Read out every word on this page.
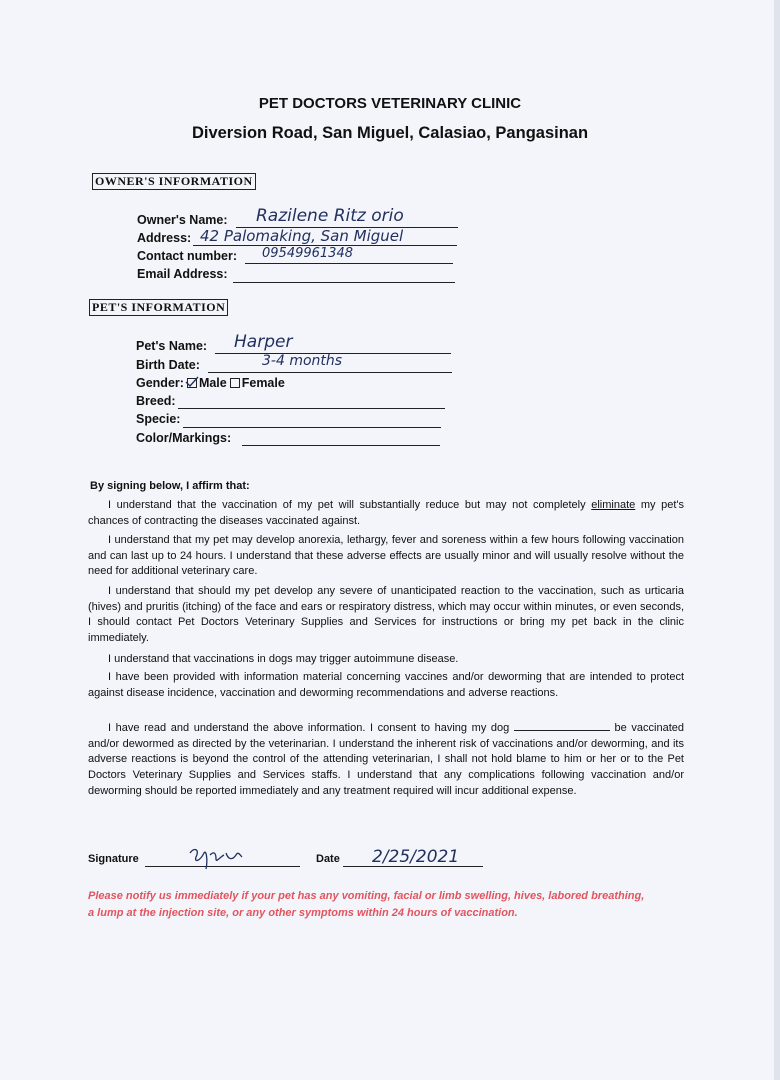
PET DOCTORS VETERINARY CLINIC
Diversion Road, San Miguel, Calasiao, Pangasinan
OWNER'S INFORMATION
Owner's Name: Razilene Ritz orio
Address: 42 Palomaking, San Miguel
Contact number: 09549961348
Email Address:
PET'S INFORMATION
Pet's Name: Harper
Birth Date:	3-4 months
Gender: Male Female
Breed:
Specie:
Color/Markings:
By signing below, I affirm that:

I understand that the vaccination of my pet will substantially reduce but may not completely eliminate my pet's chances of contracting the diseases vaccinated against.

I understand that my pet may develop anorexia, lethargy, fever and soreness within a few hours following vaccination and can last up to 24 hours. I understand that these adverse effects are usually minor and will usually resolve without the need for additional veterinary care.

I understand that should my pet develop any severe of unanticipated reaction to the vaccination, such as urticaria (hives) and pruritis (itching) of the face and ears or respiratory distress, which may occur within minutes, or even seconds, I should contact Pet Doctors Veterinary Supplies and Services for instructions or bring my pet back in the clinic immediately.

I understand that vaccinations in dogs may trigger autoimmune disease.

I have been provided with information material concerning vaccines and/or deworming that are intended to protect against disease incidence, vaccination and deworming recommendations and adverse reactions.

I have read and understand the above information. I consent to having my dog	be vaccinated and/or dewormed as directed by the veterinarian. I understand the inherent risk of vaccinations and/or deworming, and its adverse reactions is beyond the control of the attending veterinarian, I shall not hold blame to him or her or to the Pet Doctors Veterinary Supplies and Services staffs. I understand that any complications following vaccination and/or deworming should be reported immediately and any treatment required will incur additional expense.

Signature	Date 2/25/2021

Please notify us immediately if your pet has any vomiting, facial or limb swelling, hives, labored breathing, a lump at the injection site, or any other symptoms within 24 hours of vaccination.
